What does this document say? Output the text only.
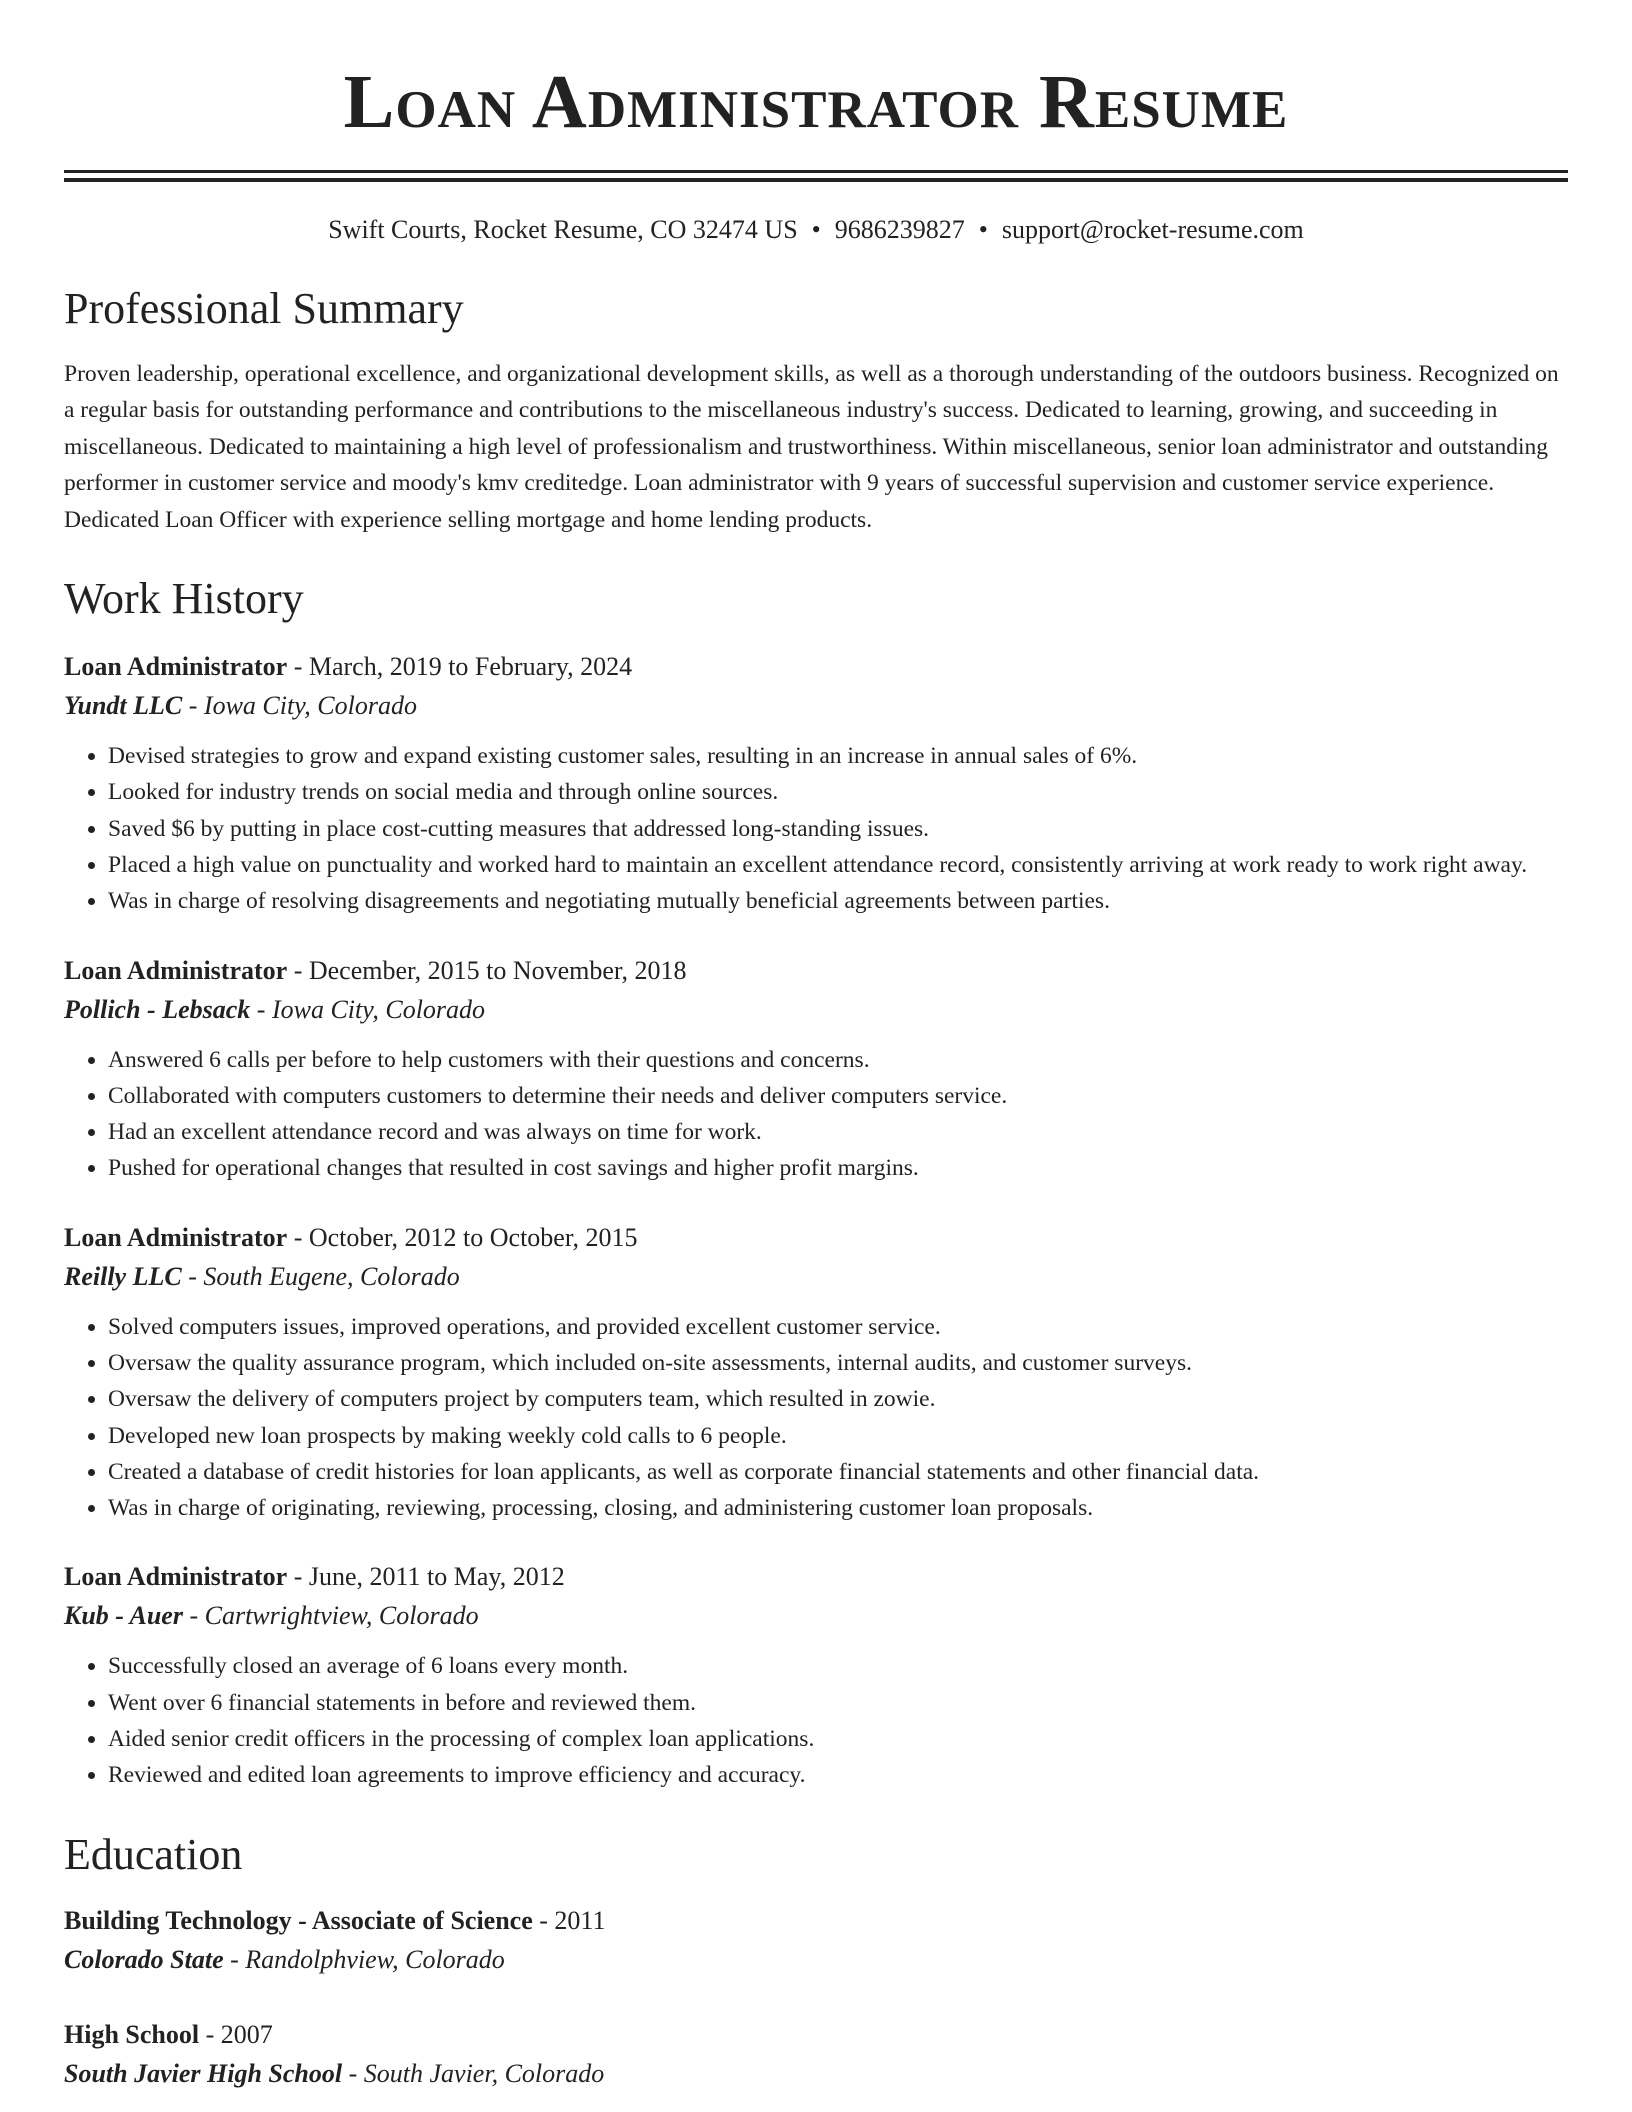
Loan Administrator Resume
Swift Courts, Rocket Resume, CO 32474 US • 9686239827 • support@rocket-resume.com
Professional Summary

Proven leadership, operational excellence, and organizational development skills, as well as a thorough understanding of the outdoors business. Recognized on a regular basis for outstanding performance and contributions to the miscellaneous industry's success. Dedicated to learning, growing, and succeeding in miscellaneous. Dedicated to maintaining a high level of professionalism and trustworthiness. Within miscellaneous, senior loan administrator and outstanding performer in customer service and moody's kmv creditedge. Loan administrator with 9 years of successful supervision and customer service experience. Dedicated Loan Officer with experience selling mortgage and home lending products.

Work History
Loan Administrator - March, 2019 to February, 2024
Yundt LLC - Iowa City, Colorado
• Devised strategies to grow and expand existing customer sales, resulting in an increase in annual sales of 6%.
• Looked for industry trends on social media and through online sources.
• Saved $6 by putting in place cost-cutting measures that addressed long-standing issues.
• Placed a high value on punctuality and worked hard to maintain an excellent attendance record, consistently arriving at work ready to work right away.
• Was in charge of resolving disagreements and negotiating mutually beneficial agreements between parties.
Loan Administrator - December, 2015 to November, 2018
Pollich - Lebsack - Iowa City, Colorado
• Answered 6 calls per before to help customers with their questions and concerns.
• Collaborated with computers customers to determine their needs and deliver computers service.
• Had an excellent attendance record and was always on time for work.
• Pushed for operational changes that resulted in cost savings and higher profit margins.
Loan Administrator - October, 2012 to October, 2015
Reilly LLC - South Eugene, Colorado
• Solved computers issues, improved operations, and provided excellent customer service.
• Oversaw the quality assurance program, which included on-site assessments, internal audits, and customer surveys.
• Oversaw the delivery of computers project by computers team, which resulted in zowie.
• Developed new loan prospects by making weekly cold calls to 6 people.
• Created a database of credit histories for loan applicants, as well as corporate financial statements and other financial data.
• Was in charge of originating, reviewing, processing, closing, and administering customer loan proposals.
Loan Administrator - June, 2011 to May, 2012
Kub - Auer - Cartwrightview, Colorado
• Successfully closed an average of 6 loans every month.
• Went over 6 financial statements in before and reviewed them.
• Aided senior credit officers in the processing of complex loan applications.
• Reviewed and edited loan agreements to improve efficiency and accuracy.
Education
Building Technology - Associate of Science - 2011
Colorado State - Randolphview, Colorado
High School - 2007
South Javier High School - South Javier, Colorado
